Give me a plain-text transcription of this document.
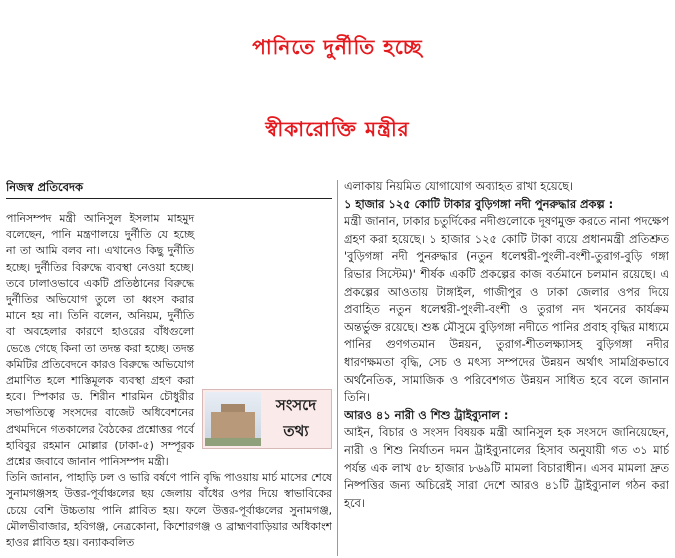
পানিতে দুর্নীতি হচ্ছে
স্বীকারোক্তি মন্ত্রীর
নিজস্ব প্রতিবেদক
সংসদে
তথ্য

পানিসম্পদ মন্ত্রী আনিসুল ইসলাম মাহমুদ বলেছেন, পানি মন্ত্রণালয়ে দুর্নীতি যে হচ্ছে না তা আমি বলব না। এখানেও কিছু দুর্নীতি হচ্ছে। দুর্নীতির বিরুদ্ধে ব্যবস্থা নেওয়া হচ্ছে। তবে ঢালাওভাবে একটি প্রতিষ্ঠানের বিরুদ্ধে দুর্নীতির অভিযোগ তুলে তা ধ্বংস করার মানে হয় না। তিনি বলেন, অনিয়ম, দুর্নীতি বা অবহেলার কারণে হাওরের বাঁধগুলো ভেঙে গেছে কিনা তা তদন্ত করা হচ্ছে। তদন্ত কমিটির প্রতিবেদনে কারও বিরুদ্ধে অভিযোগ প্রমাণিত হলে শাস্তিমূলক ব্যবস্থা গ্রহণ করা হবে। স্পিকার ড. শিরীন শারমিন চৌধুরীর সভাপতিত্বে সংসদের বাজেট অধিবেশনের প্রথমদিনে গতকালের বৈঠকের প্রশ্নোত্তর পর্বে হাবিবুর রহমান মোল্লার (ঢাকা-৫) সম্পূরক প্রশ্নের জবাবে জানান পানিসম্পদ মন্ত্রী।

তিনি জানান, পাহাড়ি ঢল ও ভারি বর্ষণে পানি বৃদ্ধি পাওয়ায় মার্চ মাসের শেষে সুনামগঞ্জসহ উত্তর-পূর্বাঞ্চলের ছয় জেলায় বাঁধের ওপর দিয়ে স্বাভাবিকের চেয়ে বেশি উচ্চতায় পানি প্লাবিত হয়। ফলে উত্তর-পূর্বাঞ্চলের সুনামগঞ্জ, মৌলভীবাজার, হবিগঞ্জ, নেত্রকোনা, কিশোরগঞ্জ ও ব্রাহ্মণবাড়িয়ার অধিকাংশ হাওর প্লাবিত হয়। বন্যাকবলিত

এলাকায় নিয়মিত যোগাযোগ অব্যাহত রাখা হয়েছে।

১ হাজার ১২৫ কোটি টাকার বুড়িগঙ্গা নদী পুনরুদ্ধার প্রকল্প :

মন্ত্রী জানান, ঢাকার চতুর্দিকের নদীগুলোকে দূষণমুক্ত করতে নানা পদক্ষেপ গ্রহণ করা হয়েছে। ১ হাজার ১২৫ কোটি টাকা ব্যয়ে প্রধানমন্ত্রী প্রতিশ্রুত 'বুড়িগঙ্গা নদী পুনরুদ্ধার (নতুন ধলেশ্বরী-পুংলী-বংশী-তুরাগ-বুড়ি গঙ্গা রিভার সিস্টেম)' শীর্ষক একটি প্রকল্পের কাজ বর্তমানে চলমান রয়েছে। এ প্রকল্পের আওতায় টাঙ্গাইল, গাজীপুর ও ঢাকা জেলার ওপর দিয়ে প্রবাহিত নতুন ধলেশ্বরী-পুংলী-বংশী ও তুরাগ নদ খননের কার্যক্রম অন্তর্ভুক্ত রয়েছে। শুষ্ক মৌসুমে বুড়িগঙ্গা নদীতে পানির প্রবাহ বৃদ্ধির মাধ্যমে পানির গুণগতমান উন্নয়ন, তুরাগ-শীতলক্ষ্যাসহ বুড়িগঙ্গা নদীর ধারণক্ষমতা বৃদ্ধি, সেচ ও মৎস্য সম্পদের উন্নয়ন অর্থাৎ সামগ্রিকভাবে অর্থনৈতিক, সামাজিক ও পরিবেশগত উন্নয়ন সাধিত হবে বলে জানান তিনি।

আরও ৪১ নারী ও শিশু ট্রাইব্যুনাল :

আইন, বিচার ও সংসদ বিষয়ক মন্ত্রী আনিসুল হক সংসদে জানিয়েছেন, নারী ও শিশু নির্যাতন দমন ট্রাইব্যুনালের হিসাব অনুযায়ী গত ৩১ মার্চ পর্যন্ত এক লাখ ৫৮ হাজার ৮৬৯টি মামলা বিচারাধীন। এসব মামলা দ্রুত নিষ্পত্তির জন্য অচিরেই সারা দেশে আরও ৪১টি ট্রাইব্যুনাল গঠন করা হবে।
